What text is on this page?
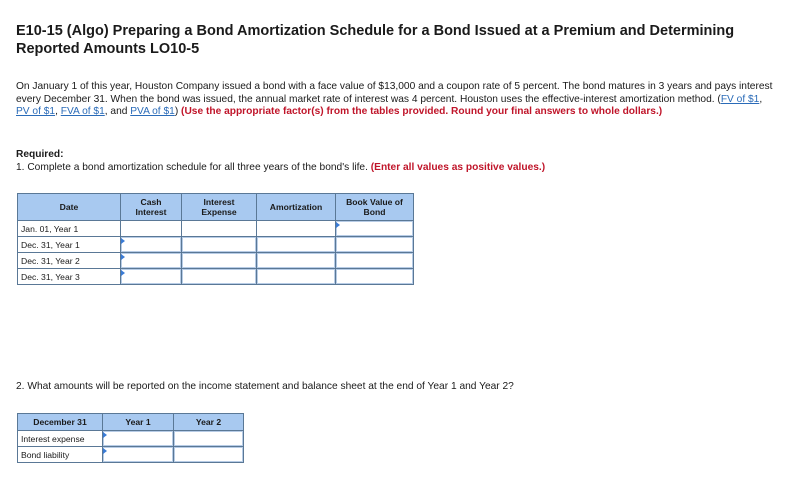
E10-15 (Algo) Preparing a Bond Amortization Schedule for a Bond Issued at a Premium and Determining Reported Amounts LO10-5
On January 1 of this year, Houston Company issued a bond with a face value of $13,000 and a coupon rate of 5 percent. The bond matures in 3 years and pays interest every December 31. When the bond was issued, the annual market rate of interest was 4 percent. Houston uses the effective-interest amortization method. (FV of $1, PV of $1, FVA of $1, and PVA of $1) (Use the appropriate factor(s) from the tables provided. Round your final answers to whole dollars.)
Required:
1. Complete a bond amortization schedule for all three years of the bond's life. (Enter all values as positive values.)
Date	Cash Interest	Interest Expense	Amortization	Book Value of Bond
Jan. 01, Year 1				

Dec. 31, Year 1	

Dec. 31, Year 2	

Dec. 31, Year 3	

2. What amounts will be reported on the income statement and balance sheet at the end of Year 1 and Year 2?
December 31	Year 1	Year 2
Interest expense	

Bond liability	
